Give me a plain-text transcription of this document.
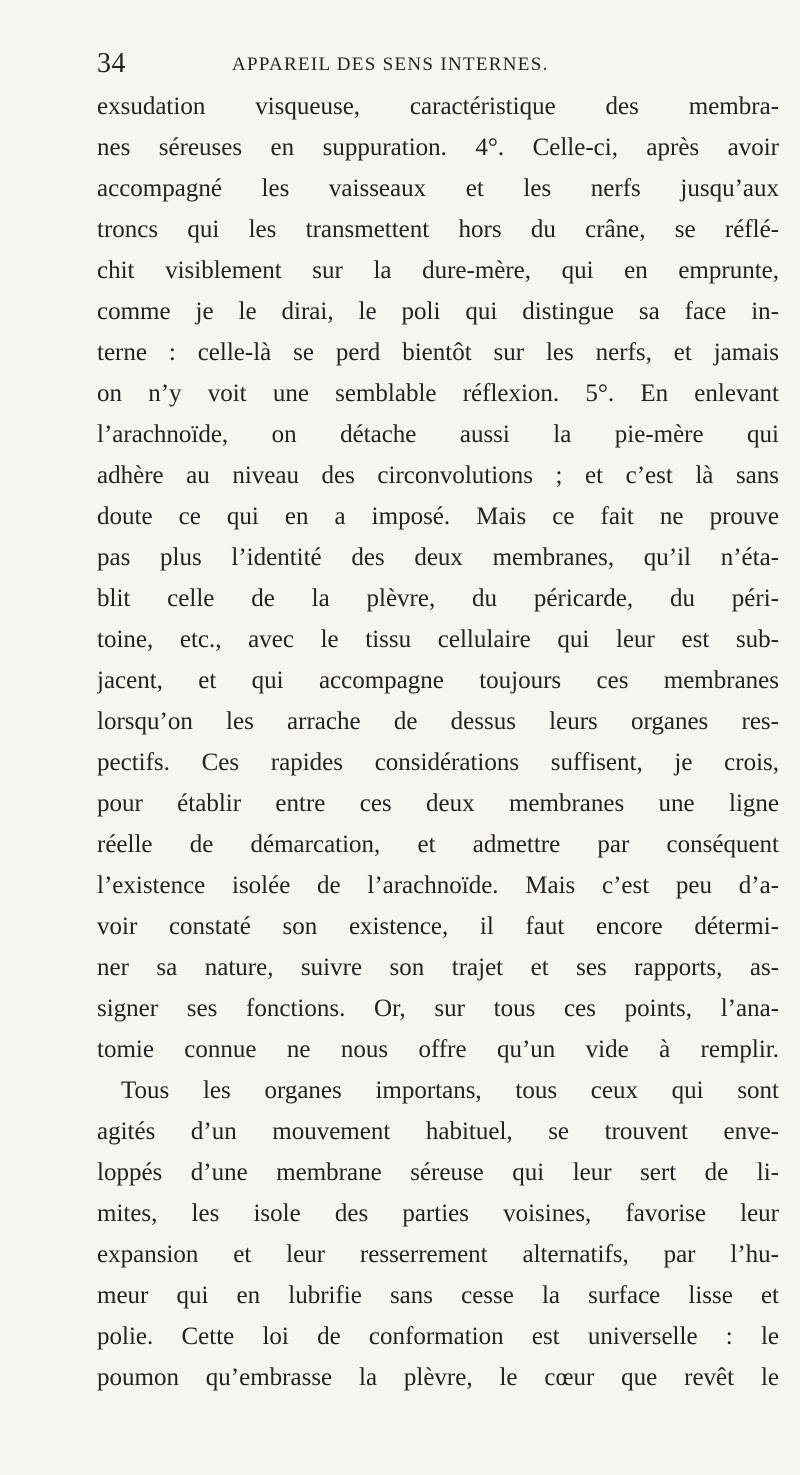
34	APPAREIL DES SENS INTERNES.
exsudation visqueuse, caractéristique des membra-
nes séreuses en suppuration. 4°. Celle-ci, après avoir
accompagné les vaisseaux et les nerfs jusqu’aux
troncs qui les transmettent hors du crâne, se réflé-
chit visiblement sur la dure-mère, qui en emprunte,
comme je le dirai, le poli qui distingue sa face in-
terne : celle-là se perd bientôt sur les nerfs, et jamais
on n’y voit une semblable réflexion. 5°. En enlevant
l’arachnoïde, on détache aussi la pie-mère qui
adhère au niveau des circonvolutions ; et c’est là sans
doute ce qui en a imposé. Mais ce fait ne prouve
pas plus l’identité des deux membranes, qu’il n’éta-
blit celle de la plèvre, du péricarde, du péri-
toine, etc., avec le tissu cellulaire qui leur est sub-
jacent, et qui accompagne toujours ces membranes
lorsqu’on les arrache de dessus leurs organes res-
pectifs. Ces rapides considérations suffisent, je crois,
pour établir entre ces deux membranes une ligne
réelle de démarcation, et admettre par conséquent
l’existence isolée de l’arachnoïde. Mais c’est peu d’a-
voir constaté son existence, il faut encore détermi-
ner sa nature, suivre son trajet et ses rapports, as-
signer ses fonctions. Or, sur tous ces points, l’ana-
tomie connue ne nous offre qu’un vide à remplir.
Tous les organes importans, tous ceux qui sont
agités d’un mouvement habituel, se trouvent enve-
loppés d’une membrane séreuse qui leur sert de li-
mites, les isole des parties voisines, favorise leur
expansion et leur resserrement alternatifs, par l’hu-
meur qui en lubrifie sans cesse la surface lisse et
polie. Cette loi de conformation est universelle : le
poumon qu’embrasse la plèvre, le cœur que revêt le
